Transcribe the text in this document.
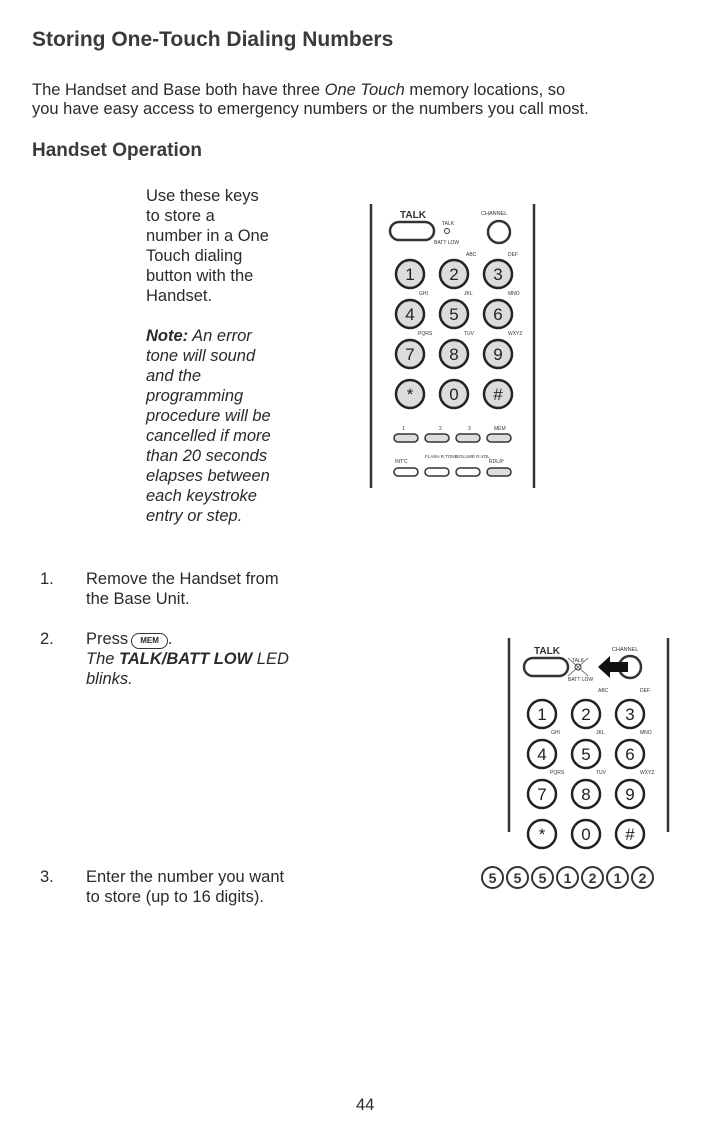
Storing One-Touch Dialing Numbers
The Handset and Base both have three One Touch memory locations, so
you have easy access to emergency numbers or the numbers you call most.
Handset Operation
Use these keys
to store a
number in a One
Touch dialing
button with the
Handset.
Note: An error
tone will sound
and the
programming
procedure will be
cancelled if more
than 20 seconds
elapses between
each keystroke
entry or step.
TALK
TALK
BATT LOW
CHANNEL
ABC	DEF
GHI	JKL	MNO
PQRS	TUV	WXYZ
1 2 3
4 5 6
7 8 9
* 0 #
1	2	3	MEM
INT'C
FLASH R.TONE
VOLUME R.VOL
RDL/P
1. Remove the Handset from
the Base Unit.
2. Press MEM .
The TALK/BATT LOW LED
blinks.
TALK
TALK
BATT LOW
CHANNEL
ABC	DEF
GHI	JKL	MNO
PQRS	TUV	WXYZ
1 2 3
4 5 6
7 8 9
* 0 #
3. Enter the number you want
to store (up to 16 digits).
5	5	5	1	2	1	2
44
